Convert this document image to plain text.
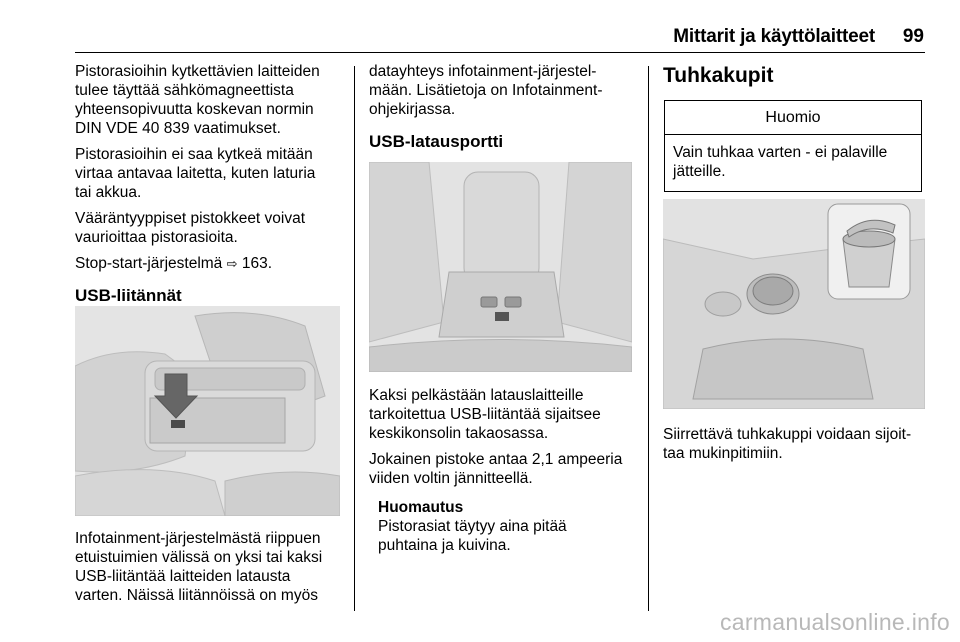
Mittarit ja käyttölaitteet 99

Pistorasioihin kytkettävien laitteiden
tulee täyttää sähkömagneettista
yhteensopivuutta koskevan normin
DIN VDE 40 839 vaatimukset.

Pistorasioihin ei saa kytkeä mitään
virtaa antavaa laitetta, kuten laturia
tai akkua.

Vääräntyyppiset pistokkeet voivat
vaurioittaa pistorasioita.

Stop-start-järjestelmä ⇨ 163.

USB-liitännät
Infotainment-järjestelmästä riippuen
etuistuimien välissä on yksi tai kaksi
USB-liitäntää laitteiden latausta
varten. Näissä liitännöissä on myös

datayhteys infotainment-järjestel-
mään. Lisätietoja on Infotainment-
ohjekirjassa.

USB-latausportti

Kaksi pelkästään latauslaitteille
tarkoitettua USB-liitäntää sijaitsee
keskikonsolin takaosassa.

Jokainen pistoke antaa 2,1 ampeeria
viiden voltin jännitteellä.

Huomautus
Pistorasiat täytyy aina pitää
puhtaina ja kuivina.
Tuhkakupit
Huomio
Vain tuhkaa varten - ei palaville jätteille.
Siirrettävä tuhkakuppi voidaan sijoit-
taa mukinpitimiin.
carmanualsonline.info
